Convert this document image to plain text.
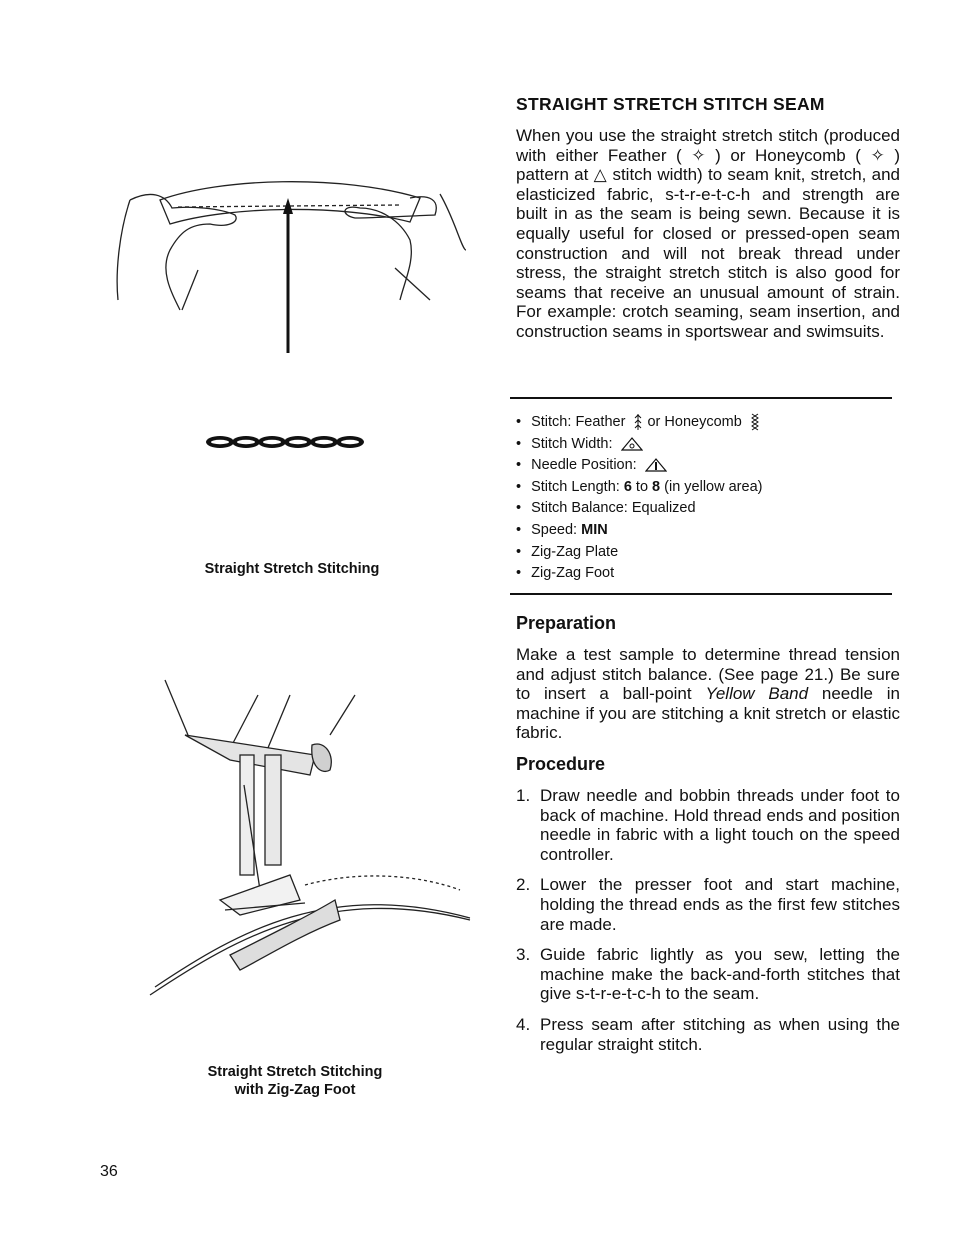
Straight Stretch Stitching
Straight Stretch Stitching
with Zig-Zag Foot
36
STRAIGHT STRETCH STITCH SEAM
When you use the straight stretch stitch (produced with either Feather ( ✧ ) or Honeycomb ( ✧ ) pattern at △ stitch width) to seam knit, stretch, and elasticized fabric, s-t-r-e-t-c-h and strength are built in as the seam is being sewn. Because it is equally useful for closed or pressed-open seam construction and will not break thread under stress, the straight stretch stitch is also good for seams that receive an unusual amount of strain. For example: crotch seaming, seam insertion, and construction seams in sportswear and swimsuits.
• Stitch: Feather or Honeycomb
• Stitch Width:
• Needle Position:
• Stitch Length: 6 to 8 (in yellow area)
• Stitch Balance: Equalized
• Speed: MIN
• Zig-Zag Plate
• Zig-Zag Foot
Preparation
Make a test sample to determine thread tension and adjust stitch balance. (See page 21.) Be sure to insert a ball-point Yellow Band needle in machine if you are stitching a knit stretch or elastic fabric.
Procedure
1. Draw needle and bobbin threads under foot to back of machine. Hold thread ends and position needle in fabric with a light touch on the speed controller.
2. Lower the presser foot and start machine, holding the thread ends as the first few stitches are made.
3. Guide fabric lightly as you sew, letting the machine make the back-and-forth stitches that give s-t-r-e-t-c-h to the seam.
4. Press seam after stitching as when using the regular straight stitch.
